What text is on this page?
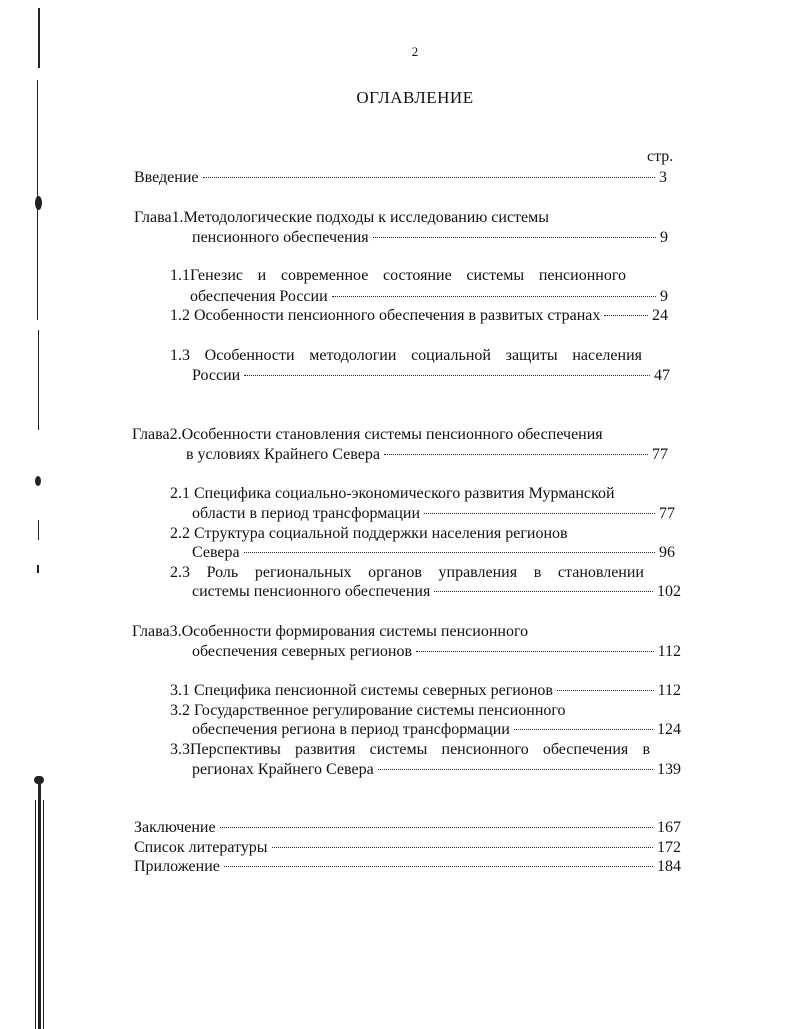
2
ОГЛАВЛЕНИЕ
стр.
Введение	3
Глава1.Методологические подходы к исследованию системы
пенсионного обеспечения	9
1.1Генезис и современное состояние системы пенсионного
обеспечения России	9
1.2 Особенности пенсионного обеспечения в развитых странах	24
1.3 Особенности методологии социальной защиты населения
России	47
Глава2.Особенности становления системы пенсионного обеспечения
в условиях Крайнего Севера	77
2.1 Специфика социально-экономического развития Мурманской
области в период трансформации	77
2.2 Структура социальной поддержки населения регионов
Севера	96
2.3 Роль региональных органов управления в становлении
системы пенсионного обеспечения	102
Глава3.Особенности формирования системы пенсионного
обеспечения северных регионов	112
3.1 Специфика пенсионной системы северных регионов	112
3.2 Государственное регулирование системы пенсионного
обеспечения региона в период трансформации	124
3.3Перспективы развития системы пенсионного обеспечения в
регионах Крайнего Севера	139
Заключение	167
Список литературы	172
Приложение	184
